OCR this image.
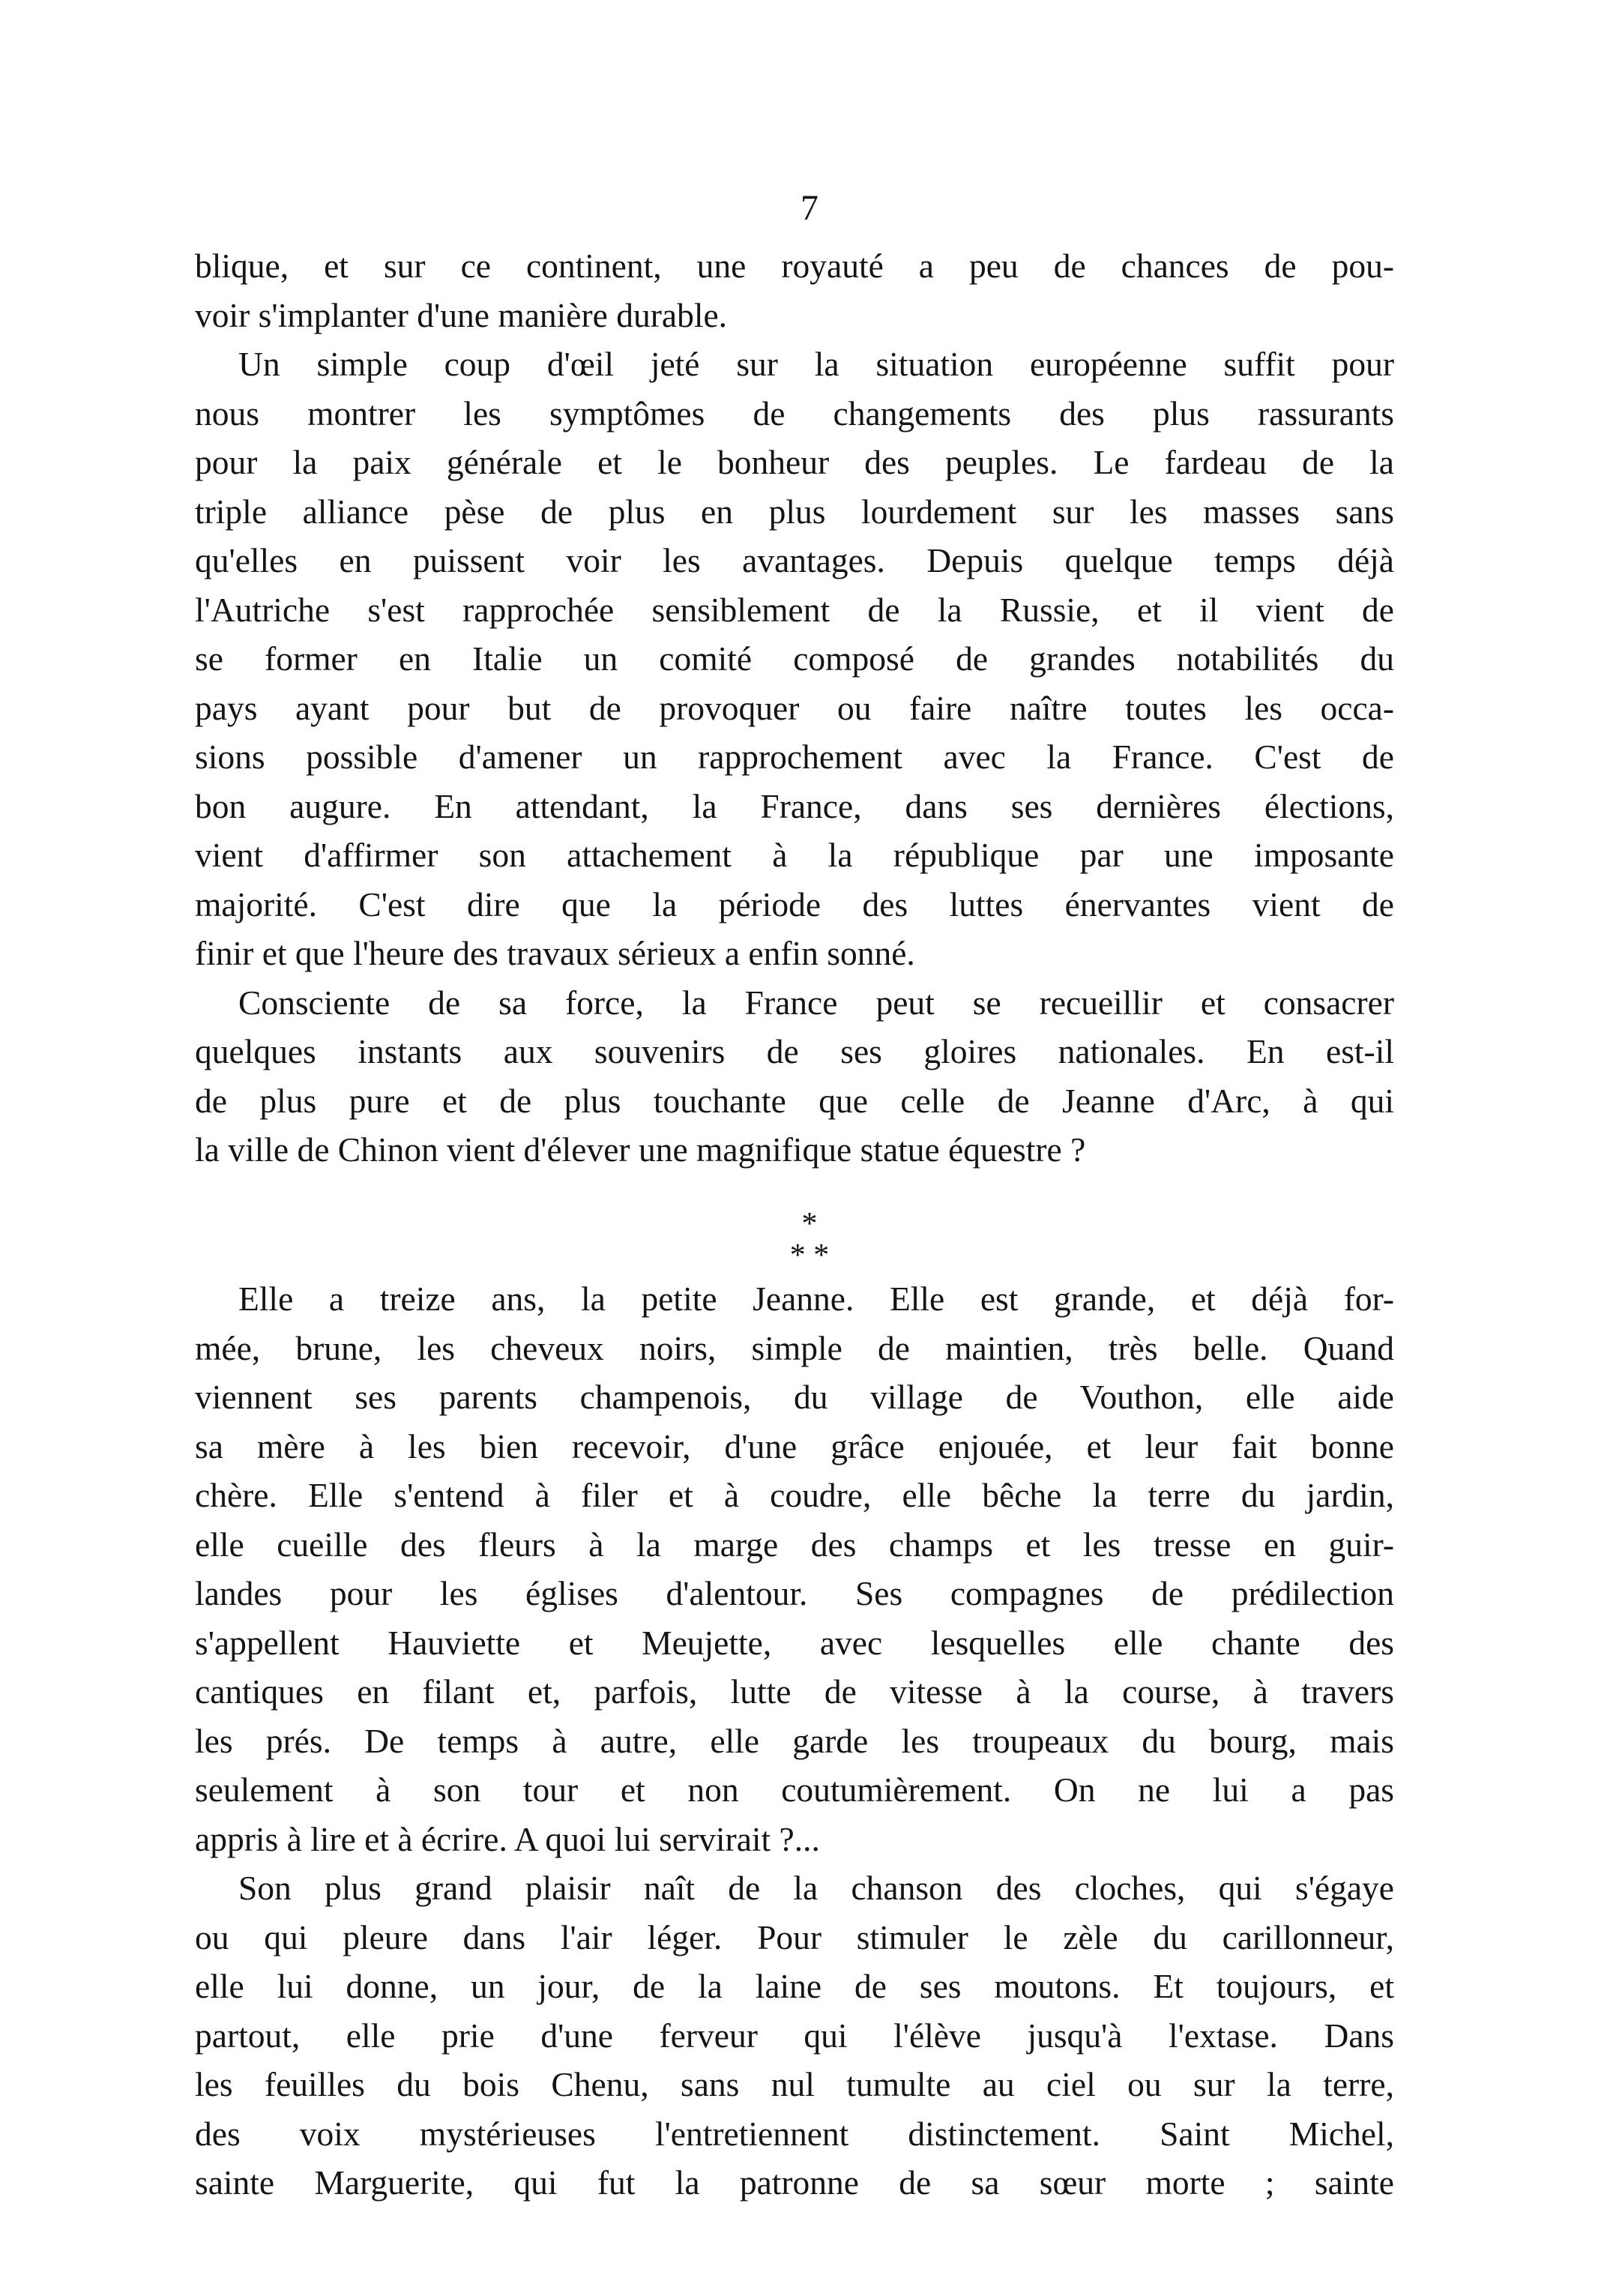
7
blique, et sur ce continent, une royauté a peu de chances de pou-
voir s'implanter d'une manière durable.
Un simple coup d'œil jeté sur la situation européenne suffit pour
nous montrer les symptômes de changements des plus rassurants
pour la paix générale et le bonheur des peuples. Le fardeau de la
triple alliance pèse de plus en plus lourdement sur les masses sans
qu'elles en puissent voir les avantages. Depuis quelque temps déjà
l'Autriche s'est rapprochée sensiblement de la Russie, et il vient de
se former en Italie un comité composé de grandes notabilités du
pays ayant pour but de provoquer ou faire naître toutes les occa-
sions possible d'amener un rapprochement avec la France. C'est de
bon augure. En attendant, la France, dans ses dernières élections,
vient d'affirmer son attachement à la république par une imposante
majorité. C'est dire que la période des luttes énervantes vient de
finir et que l'heure des travaux sérieux a enfin sonné.
Consciente de sa force, la France peut se recueillir et consacrer
quelques instants aux souvenirs de ses gloires nationales. En est-il
de plus pure et de plus touchante que celle de Jeanne d'Arc, à qui
la ville de Chinon vient d'élever une magnifique statue équestre ?
*
* *
Elle a treize ans, la petite Jeanne. Elle est grande, et déjà for-
mée, brune, les cheveux noirs, simple de maintien, très belle. Quand
viennent ses parents champenois, du village de Vouthon, elle aide
sa mère à les bien recevoir, d'une grâce enjouée, et leur fait bonne
chère. Elle s'entend à filer et à coudre, elle bêche la terre du jardin,
elle cueille des fleurs à la marge des champs et les tresse en guir-
landes pour les églises d'alentour. Ses compagnes de prédilection
s'appellent Hauviette et Meujette, avec lesquelles elle chante des
cantiques en filant et, parfois, lutte de vitesse à la course, à travers
les prés. De temps à autre, elle garde les troupeaux du bourg, mais
seulement à son tour et non coutumièrement. On ne lui a pas
appris à lire et à écrire. A quoi lui servirait ?...
Son plus grand plaisir naît de la chanson des cloches, qui s'égaye
ou qui pleure dans l'air léger. Pour stimuler le zèle du carillonneur,
elle lui donne, un jour, de la laine de ses moutons. Et toujours, et
partout, elle prie d'une ferveur qui l'élève jusqu'à l'extase. Dans
les feuilles du bois Chenu, sans nul tumulte au ciel ou sur la terre,
des voix mystérieuses l'entretiennent distinctement. Saint Michel,
sainte Marguerite, qui fut la patronne de sa sœur morte ; sainte
